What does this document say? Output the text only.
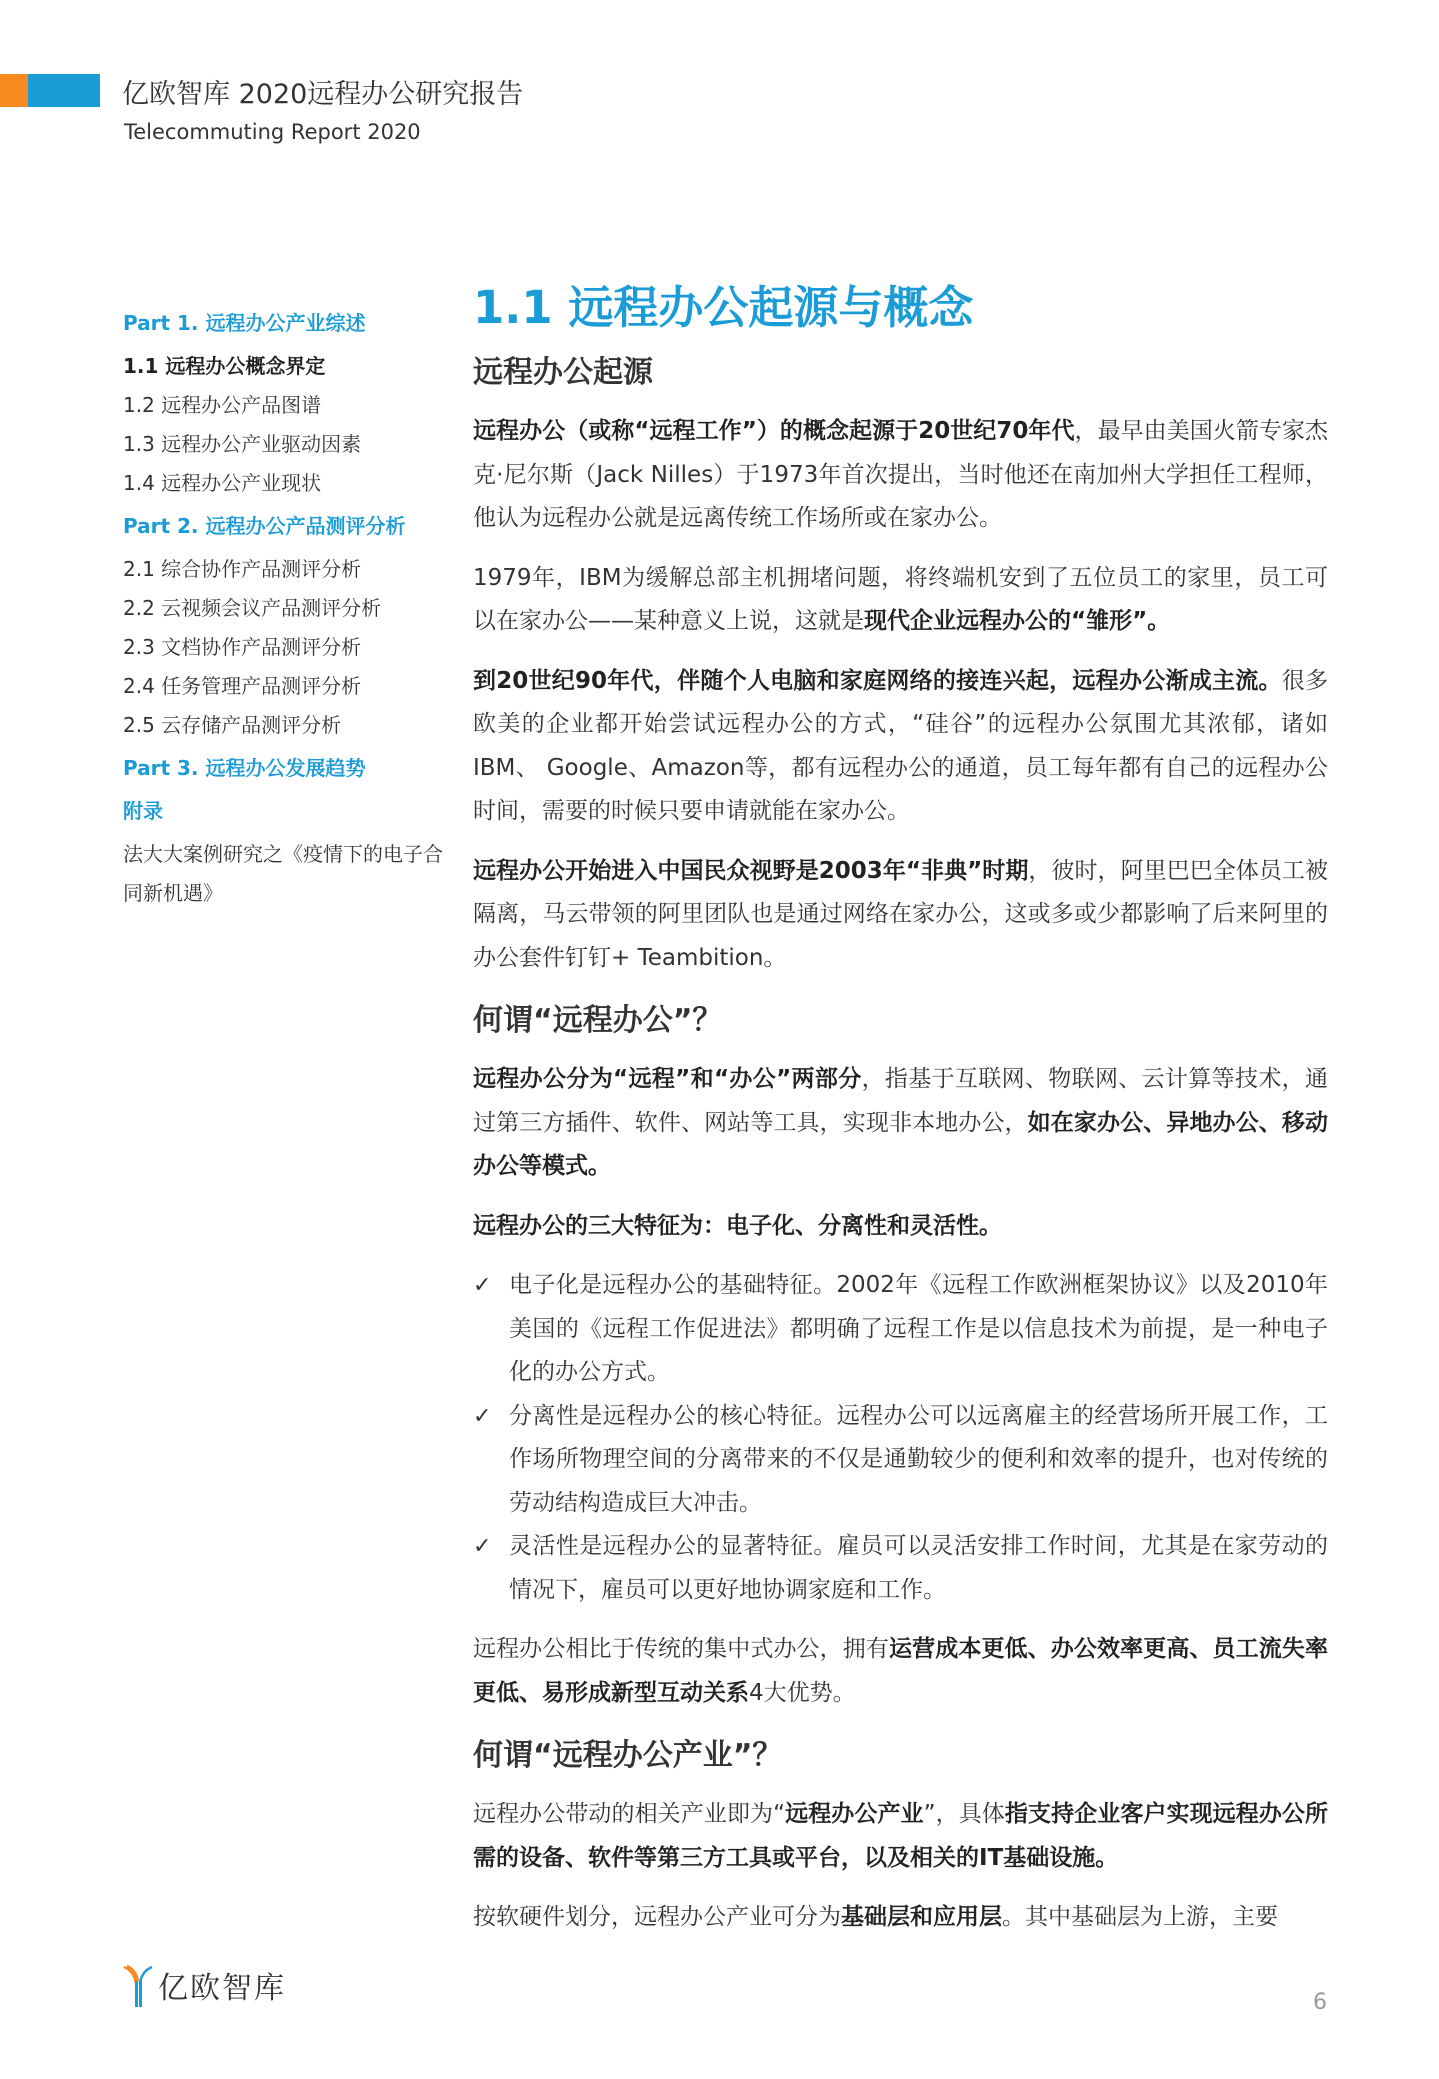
亿欧智库 2020远程办公研究报告
Telecommuting Report 2020
Part 1. 远程办公产业综述
1.1 远程办公概念界定
1.2 远程办公产品图谱
1.3 远程办公产业驱动因素
1.4 远程办公产业现状
Part 2. 远程办公产品测评分析
2.1 综合协作产品测评分析
2.2 云视频会议产品测评分析
2.3 文档协作产品测评分析
2.4 任务管理产品测评分析
2.5 云存储产品测评分析
Part 3. 远程办公发展趋势
附录
法大大案例研究之《疫情下的电子合同新机遇》
1.1 远程办公起源与概念
远程办公起源

远程办公（或称“远程工作”）的概念起源于20世纪70年代，最早由美国火箭专家杰克·尼尔斯（Jack Nilles）于1973年首次提出，当时他还在南加州大学担任工程师，他认为远程办公就是远离传统工作场所或在家办公。

1979年，IBM为缓解总部主机拥堵问题，将终端机安到了五位员工的家里，员工可以在家办公——某种意义上说，这就是现代企业远程办公的“雏形”。

到20世纪90年代，伴随个人电脑和家庭网络的接连兴起，远程办公渐成主流。很多欧美的企业都开始尝试远程办公的方式，“硅谷”的远程办公氛围尤其浓郁，诸如IBM、 Google、Amazon等，都有远程办公的通道，员工每年都有自己的远程办公时间，需要的时候只要申请就能在家办公。

远程办公开始进入中国民众视野是2003年“非典”时期，彼时，阿里巴巴全体员工被隔离，马云带领的阿里团队也是通过网络在家办公，这或多或少都影响了后来阿里的办公套件钉钉+ Teambition。

何谓“远程办公”？

远程办公分为“远程”和“办公”两部分，指基于互联网、物联网、云计算等技术，通过第三方插件、软件、网站等工具，实现非本地办公，如在家办公、异地办公、移动办公等模式。

远程办公的三大特征为：电子化、分离性和灵活性。

✓ 电子化是远程办公的基础特征。2002年《远程工作欧洲框架协议》以及2010年美国的《远程工作促进法》都明确了远程工作是以信息技术为前提，是一种电子化的办公方式。
✓ 分离性是远程办公的核心特征。远程办公可以远离雇主的经营场所开展工作，工作场所物理空间的分离带来的不仅是通勤较少的便利和效率的提升，也对传统的劳动结构造成巨大冲击。
✓ 灵活性是远程办公的显著特征。雇员可以灵活安排工作时间，尤其是在家劳动的情况下，雇员可以更好地协调家庭和工作。

远程办公相比于传统的集中式办公，拥有运营成本更低、办公效率更高、员工流失率更低、易形成新型互动关系4大优势。

何谓“远程办公产业”？

远程办公带动的相关产业即为“远程办公产业”，具体指支持企业客户实现远程办公所需的设备、软件等第三方工具或平台，以及相关的IT基础设施。

按软硬件划分，远程办公产业可分为基础层和应用层。其中基础层为上游，主要

亿欧智库	6
